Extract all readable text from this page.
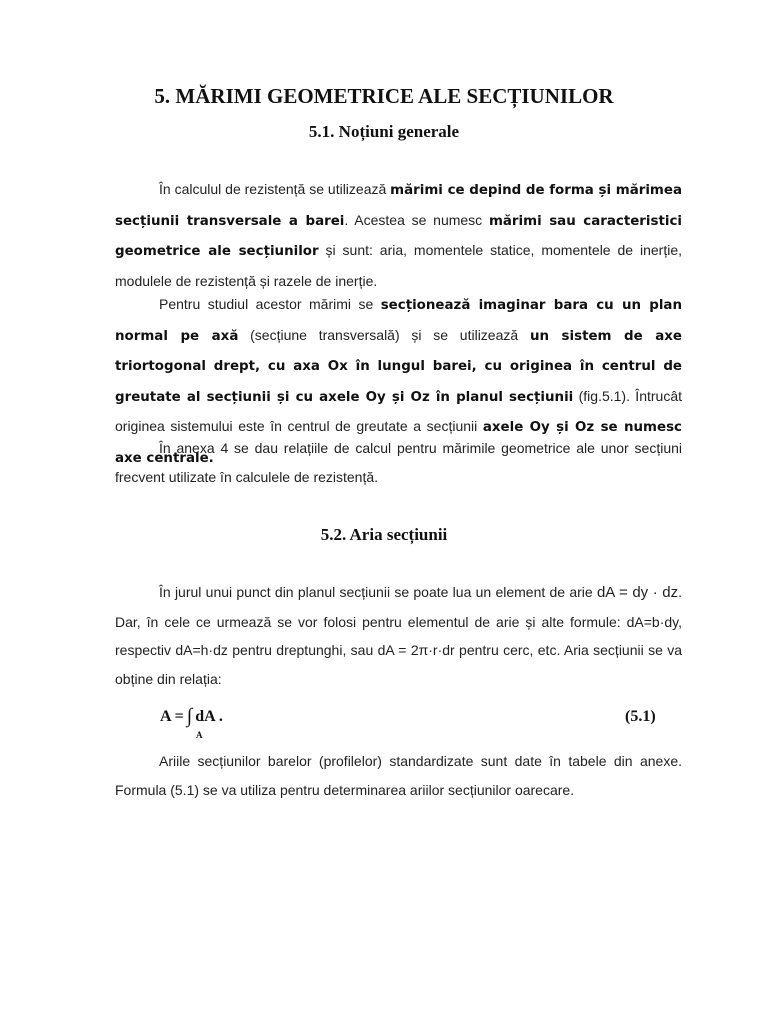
5. MĂRIMI GEOMETRICE ALE SECȚIUNILOR
5.1. Noțiuni generale
În calculul de rezistență se utilizează mărimi ce depind de forma și mărimea secțiunii transversale a barei. Acestea se numesc mărimi sau caracteristici geometrice ale secțiunilor și sunt: aria, momentele statice, momentele de inerție, modulele de rezistență și razele de inerție.
Pentru studiul acestor mărimi se secționează imaginar bara cu un plan normal pe axă (secțiune transversală) și se utilizează un sistem de axe triortogonal drept, cu axa Ox în lungul barei, cu originea în centrul de greutate al secțiunii și cu axele Oy și Oz în planul secțiunii (fig.5.1). Întrucât originea sistemului este în centrul de greutate a secțiunii axele Oy și Oz se numesc axe centrale.
În anexa 4 se dau relațiile de calcul pentru mărimile geometrice ale unor secțiuni frecvent utilizate în calculele de rezistență.
5.2. Aria secțiunii
În jurul unui punct din planul secțiunii se poate lua un element de arie dA = dy · dz. Dar, în cele ce urmează se vor folosi pentru elementul de arie și alte formule: dA=b·dy, respectiv dA=h·dz pentru dreptunghi, sau dA = 2π·r·dr pentru cerc, etc. Aria secțiunii se va obține din relația:
A = ∫ dA .
A
(5.1)
Ariile secțiunilor barelor (profilelor) standardizate sunt date în tabele din anexe. Formula (5.1) se va utiliza pentru determinarea ariilor secțiunilor oarecare.
